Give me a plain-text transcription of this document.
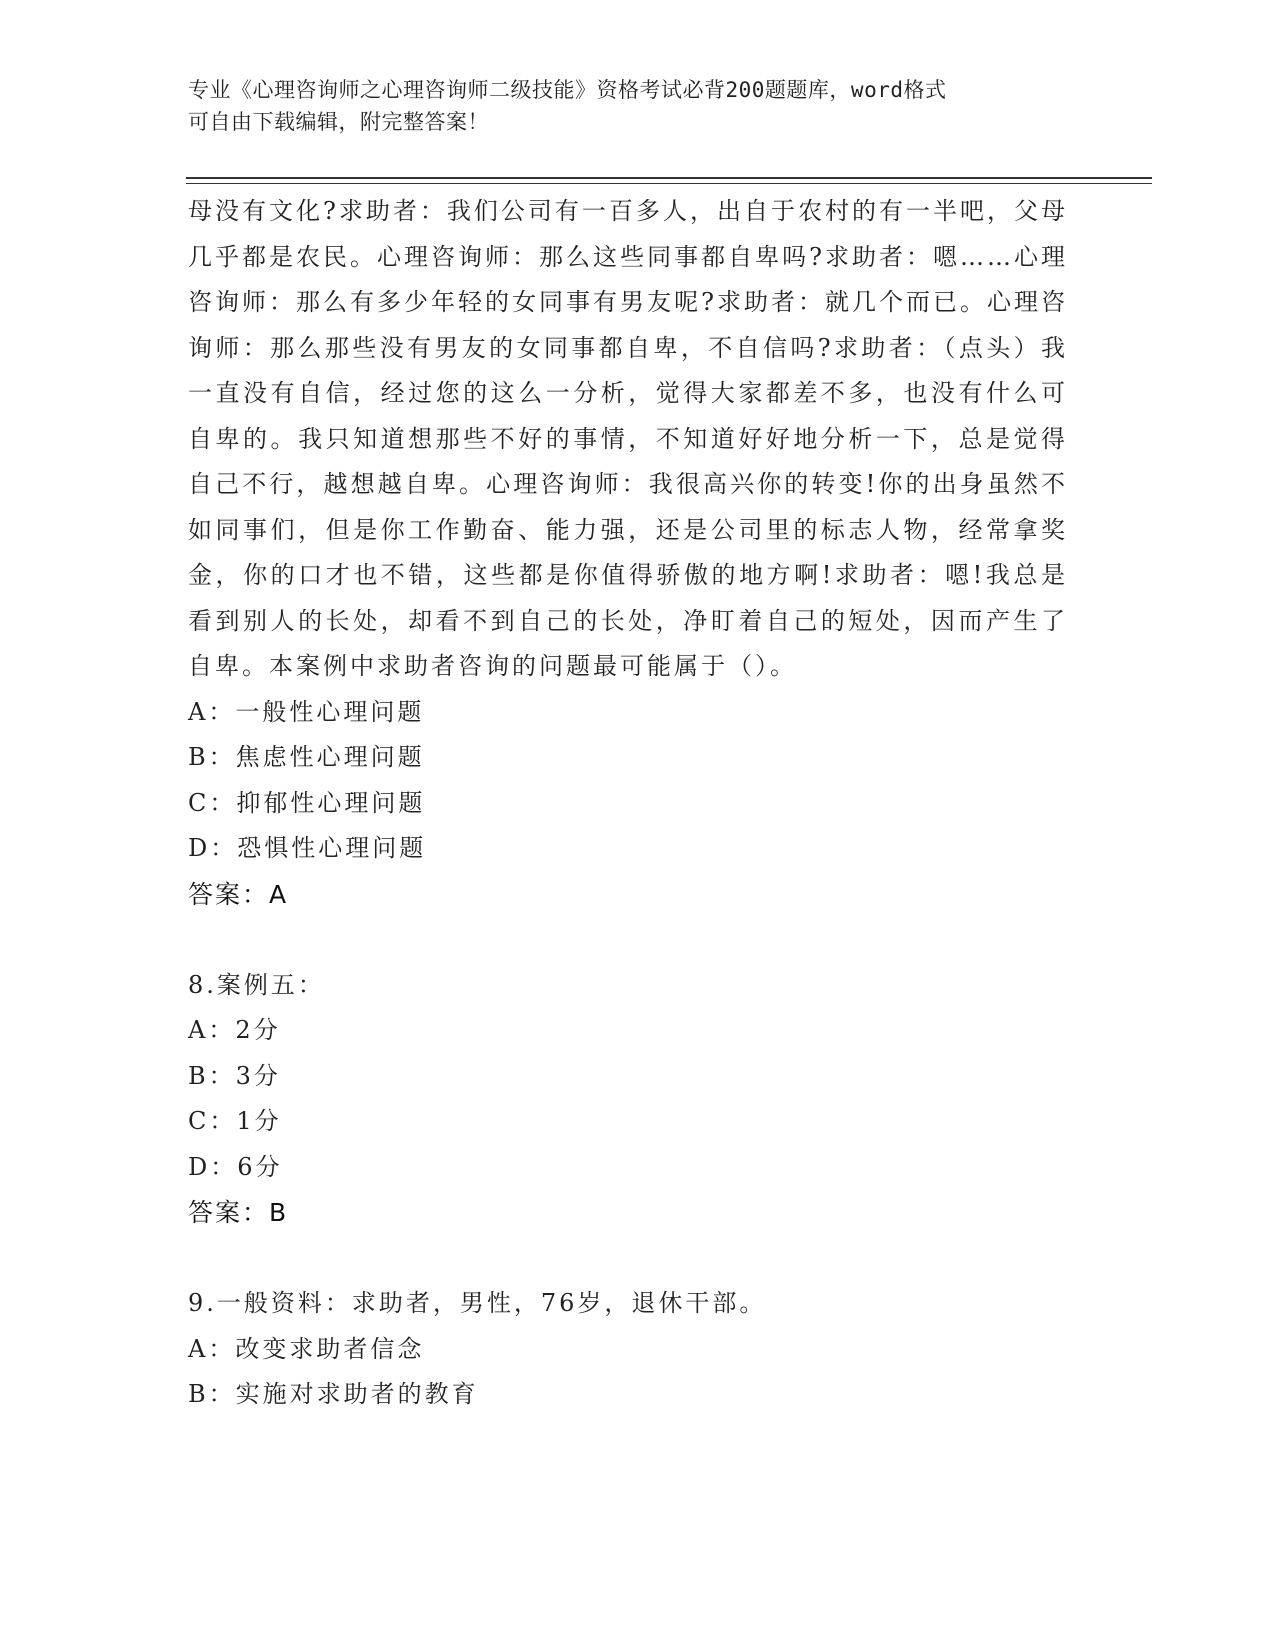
专业《心理咨询师之心理咨询师二级技能》资格考试必背200题题库，word格式
可自由下载编辑，附完整答案！

母没有文化?求助者：我们公司有一百多人，出自于农村的有一半吧，父母几乎都是农民。心理咨询师：那么这些同事都自卑吗?求助者：嗯……心理咨询师：那么有多少年轻的女同事有男友呢?求助者：就几个而已。心理咨询师：那么那些没有男友的女同事都自卑，不自信吗?求助者：（点头）我一直没有自信，经过您的这么一分析，觉得大家都差不多，也没有什么可自卑的。我只知道想那些不好的事情，不知道好好地分析一下，总是觉得自己不行，越想越自卑。心理咨询师：我很高兴你的转变!你的出身虽然不如同事们，但是你工作勤奋、能力强，还是公司里的标志人物，经常拿奖金，你的口才也不错，这些都是你值得骄傲的地方啊!求助者：嗯!我总是看到别人的长处，却看不到自己的长处，净盯着自己的短处，因而产生了自卑。本案例中求助者咨询的问题最可能属于（）。

A：一般性心理问题
B：焦虑性心理问题
C：抑郁性心理问题
D：恐惧性心理问题
答案：A
8.案例五：
A：2分
B：3分
C：1分
D：6分
答案：B
9.一般资料：求助者，男性，76岁，退休干部。
A：改变求助者信念
B：实施对求助者的教育
